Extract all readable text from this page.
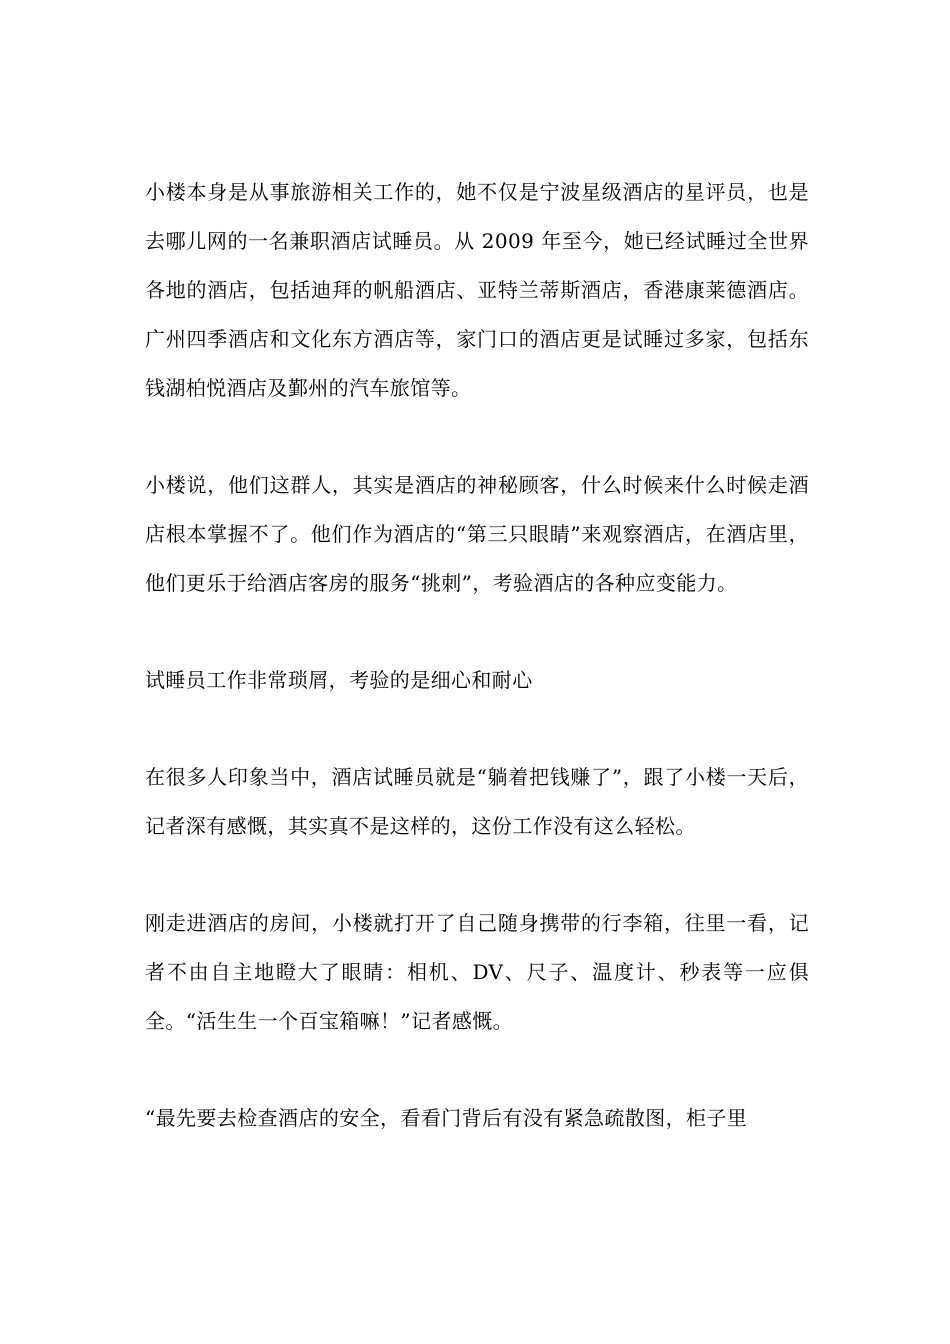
小楼本身是从事旅游相关工作的，她不仅是宁波星级酒店的星评员，也是去哪儿网的一名兼职酒店试睡员。从 2009 年至今，她已经试睡过全世界各地的酒店，包括迪拜的帆船酒店、亚特兰蒂斯酒店，香港康莱德酒店。广州四季酒店和文化东方酒店等，家门口的酒店更是试睡过多家，包括东钱湖柏悦酒店及鄞州的汽车旅馆等。

小楼说，他们这群人，其实是酒店的神秘顾客，什么时候来什么时候走酒店根本掌握不了。他们作为酒店的“第三只眼睛”来观察酒店，在酒店里，他们更乐于给酒店客房的服务“挑刺”，考验酒店的各种应变能力。

试睡员工作非常琐屑，考验的是细心和耐心

在很多人印象当中，酒店试睡员就是“躺着把钱赚了”，跟了小楼一天后，记者深有感慨，其实真不是这样的，这份工作没有这么轻松。

刚走进酒店的房间，小楼就打开了自己随身携带的行李箱，往里一看，记者不由自主地瞪大了眼睛：相机、DV、尺子、温度计、秒表等一应俱全。“活生生一个百宝箱嘛！”记者感慨。

“最先要去检查酒店的安全，看看门背后有没有紧急疏散图，柜子里
